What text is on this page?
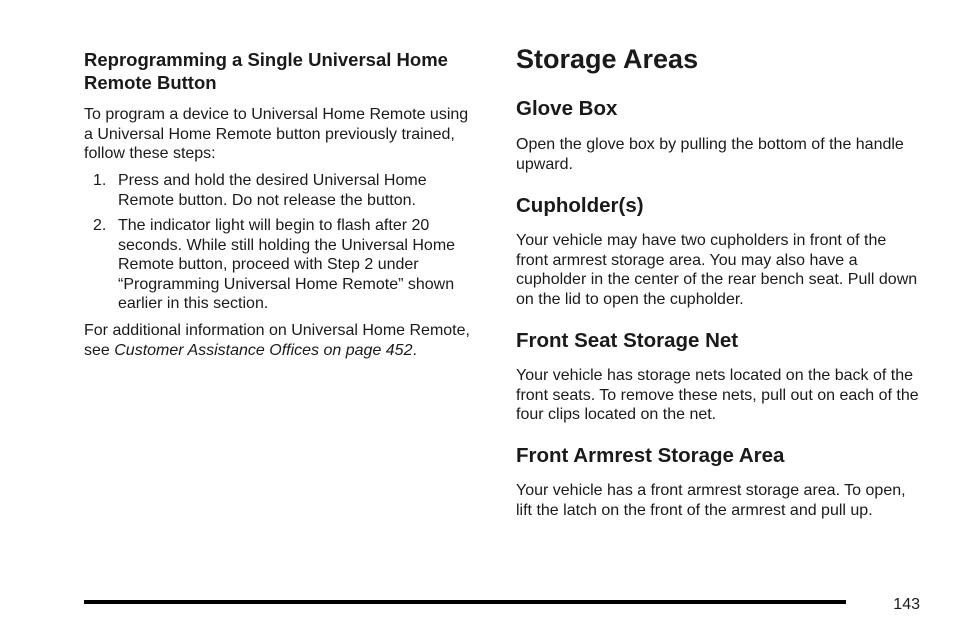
Reprogramming a Single Universal Home Remote Button

To program a device to Universal Home Remote using a Universal Home Remote button previously trained, follow these steps:

1. Press and hold the desired Universal Home Remote button. Do not release the button.
2. The indicator light will begin to flash after 20 seconds. While still holding the Universal Home Remote button, proceed with Step 2 under “Programming Universal Home Remote” shown earlier in this section.

For additional information on Universal Home Remote, see Customer Assistance Offices on page 452.

Storage Areas
Glove Box

Open the glove box by pulling the bottom of the handle upward.

Cupholder(s)

Your vehicle may have two cupholders in front of the front armrest storage area. You may also have a cupholder in the center of the rear bench seat. Pull down on the lid to open the cupholder.

Front Seat Storage Net

Your vehicle has storage nets located on the back of the front seats. To remove these nets, pull out on each of the four clips located on the net.

Front Armrest Storage Area

Your vehicle has a front armrest storage area. To open, lift the latch on the front of the armrest and pull up.

143
